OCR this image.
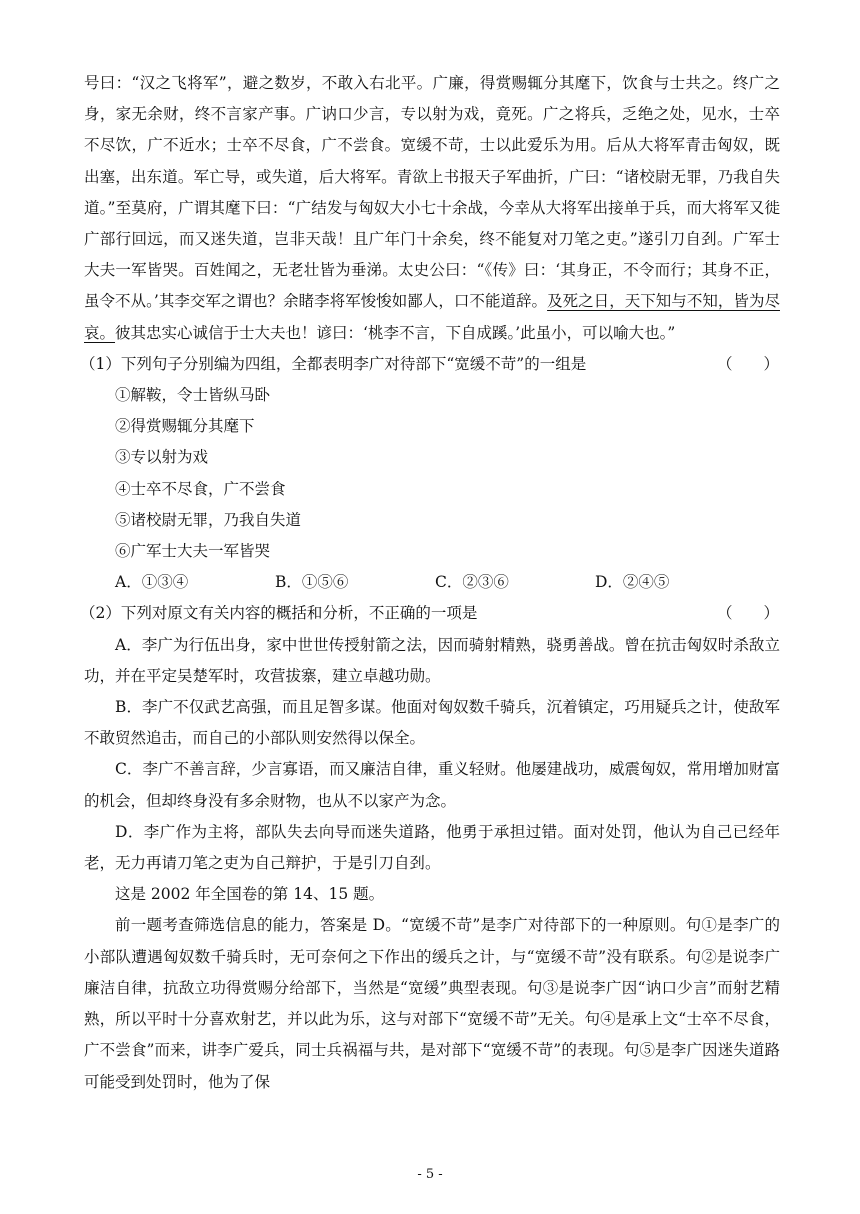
号曰：“汉之飞将军”，避之数岁，不敢入右北平。广廉，得赏赐辄分其麾下，饮食与士共之。终广之身，家无余财，终不言家产事。广讷口少言，专以射为戏，竟死。广之将兵，乏绝之处，见水，士卒不尽饮，广不近水；士卒不尽食，广不尝食。宽缓不苛，士以此爱乐为用。后从大将军青击匈奴，既出塞，出东道。军亡导，或失道，后大将军。青欲上书报天子军曲折，广曰：“诸校尉无罪，乃我自失道。”至莫府，广谓其麾下曰：“广结发与匈奴大小七十余战，今幸从大将军出接单于兵，而大将军又徙广部行回远，而又迷失道，岂非天哉！且广年门十余矣，终不能复对刀笔之吏。”遂引刀自刭。广军士大夫一军皆哭。百姓闻之，无老壮皆为垂涕。太史公曰：“《传》曰：‘其身正，不令而行；其身不正，虽令不从。’其李交军之谓也？余睹李将军悛悛如鄙人，口不能道辞。及死之日，天下知与不知，皆为尽哀。彼其忠实心诚信于士大夫也！谚曰：‘桃李不言，下自成蹊。’此虽小，可以喻大也。”

（1）下列句子分别编为四组，全都表明李广对待部下“宽缓不苛”的一组是	（　　）

①解鞍，令士皆纵马卧

②得赏赐辄分其麾下

③专以射为戏

④士卒不尽食，广不尝食

⑤诸校尉无罪，乃我自失道

⑥广军士大夫一军皆哭

A．①③④	B．①⑤⑥	C．②③⑥	D．②④⑤
（2）下列对原文有关内容的概括和分析，不正确的一项是	（　　）

A．李广为行伍出身，家中世世传授射箭之法，因而骑射精熟，骁勇善战。曾在抗击匈奴时杀敌立功，并在平定吴楚军时，攻营拔寨，建立卓越功勋。

B．李广不仅武艺高强，而且足智多谋。他面对匈奴数千骑兵，沉着镇定，巧用疑兵之计，使敌军不敢贸然追击，而自己的小部队则安然得以保全。

C．李广不善言辞，少言寡语，而又廉洁自律，重义轻财。他屡建战功，威震匈奴，常用增加财富的机会，但却终身没有多余财物，也从不以家产为念。

D．李广作为主将，部队失去向导而迷失道路，他勇于承担过错。面对处罚，他认为自己已经年老，无力再请刀笔之吏为自己辩护，于是引刀自刭。

这是 2002 年全国卷的第 14、15 题。

前一题考查筛选信息的能力，答案是 D。“宽缓不苛”是李广对待部下的一种原则。句①是李广的小部队遭遇匈奴数千骑兵时，无可奈何之下作出的缓兵之计，与“宽缓不苛”没有联系。句②是说李广廉洁自律，抗敌立功得赏赐分给部下，当然是“宽缓”典型表现。句③是说李广因“讷口少言”而射艺精熟，所以平时十分喜欢射艺，并以此为乐，这与对部下“宽缓不苛”无关。句④是承上文“士卒不尽食，广不尝食”而来，讲李广爱兵，同士兵祸福与共，是对部下“宽缓不苛”的表现。句⑤是李广因迷失道路可能受到处罚时，他为了保

- 5 -
